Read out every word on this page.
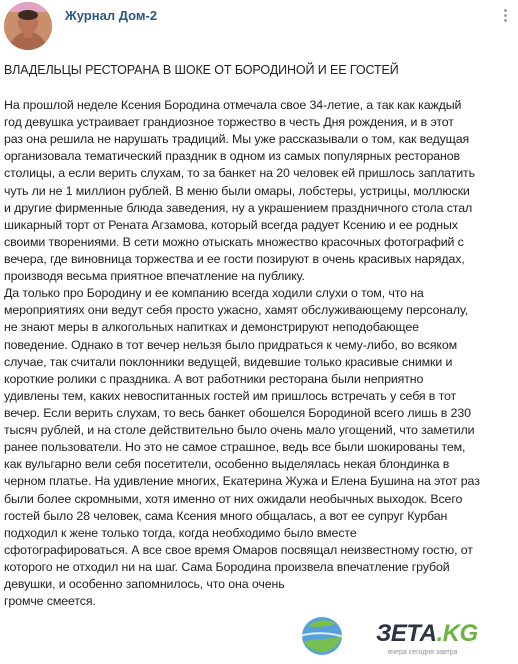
Журнал Дом-2
ВЛАДЕЛЬЦЫ РЕСТОРАНА В ШОКЕ ОТ БОРОДИНОЙ И ЕЕ ГОСТЕЙ
На прошлой неделе Ксения Бородина отмечала свое 34-летие, а так как каждый
год девушка устраивает грандиозное торжество в честь Дня рождения, и в этот
раз она решила не нарушать традиций. Мы уже рассказывали о том, как ведущая
организовала тематический праздник в одном из самых популярных ресторанов
столицы, а если верить слухам, то за банкет на 20 человек ей пришлось заплатить
чуть ли не 1 миллион рублей. В меню были омары, лобстеры, устрицы, моллюски
и другие фирменные блюда заведения, ну а украшением праздничного стола стал
шикарный торт от Рената Агзамова, который всегда радует Ксению и ее родных
своими творениями. В сети можно отыскать множество красочных фотографий с
вечера, где виновница торжества и ее гости позируют в очень красивых нарядах,
производя весьма приятное впечатление на публику.
Да только про Бородину и ее компанию всегда ходили слухи о том, что на
мероприятиях они ведут себя просто ужасно, хамят обслуживающему персоналу,
не знают меры в алкогольных напитках и демонстрируют неподобающее
поведение. Однако в тот вечер нельзя было придраться к чему-либо, во всяком
случае, так считали поклонники ведущей, видевшие только красивые снимки и
короткие ролики с праздника. А вот работники ресторана были неприятно
удивлены тем, каких невоспитанных гостей им пришлось встречать у себя в тот
вечер. Если верить слухам, то весь банкет обошелся Бородиной всего лишь в 230
тысяч рублей, и на столе действительно было очень мало угощений, что заметили
ранее пользователи. Но это не самое страшное, ведь все были шокированы тем,
как вульгарно вели себя посетители, особенно выделялась некая блондинка в
черном платье. На удивление многих, Екатерина Жужа и Елена Бушина на этот раз
были более скромными, хотя именно от них ожидали необычных выходок. Всего
гостей было 28 человек, сама Ксения много общалась, а вот ее супруг Курбан
подходил к жене только тогда, когда необходимо было вместе
сфотографироваться. А все свое время Омаров посвящал неизвестному гостю, от
которого не отходил ни на шаг. Сама Бородина произвела впечатление грубой
девушки, и особенно запомнилось, что она очень
громче смеется.
ЗЕТА.KG
вчера сегодня завтра
